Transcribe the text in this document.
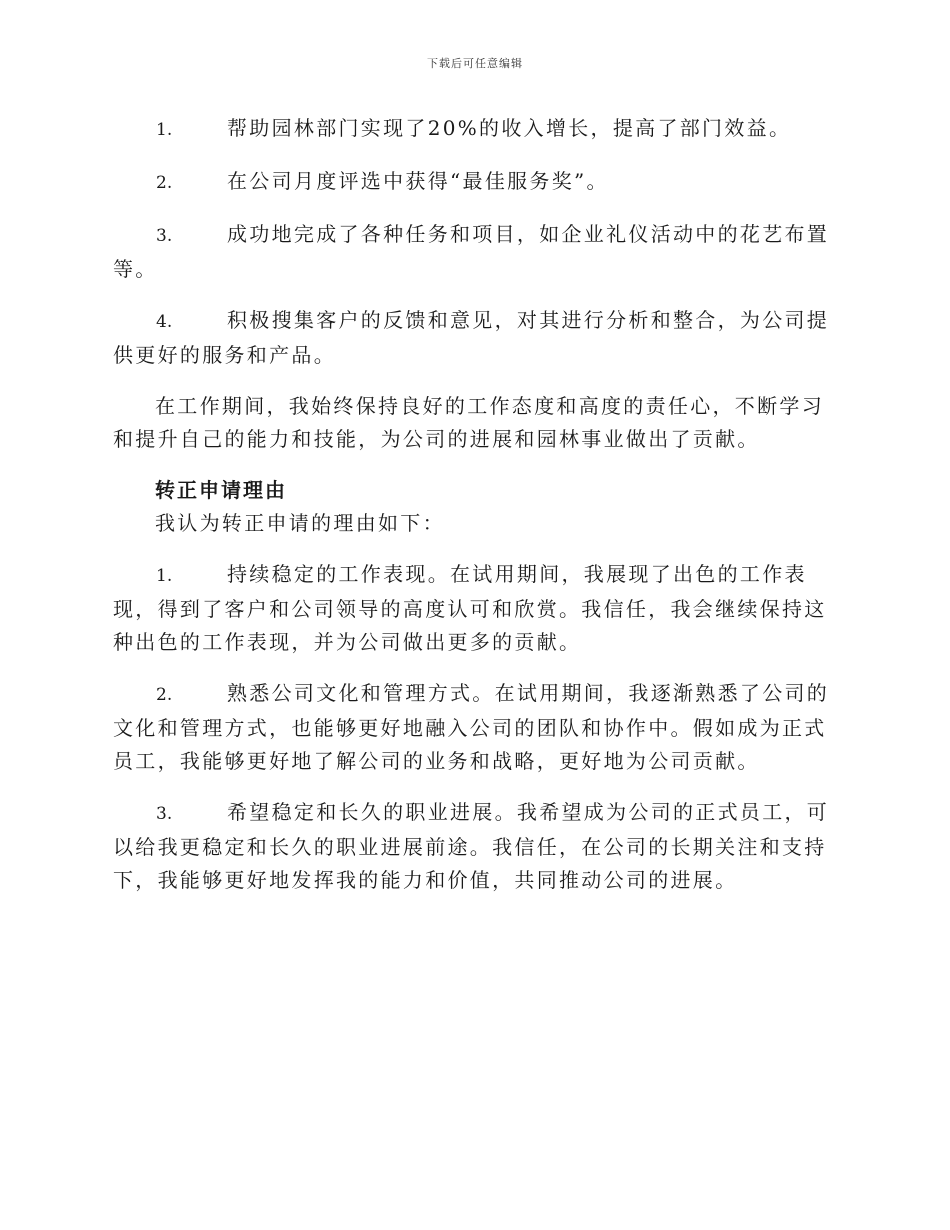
下载后可任意编辑

1.	帮助园林部门实现了20%的收入增长，提高了部门效益。

2.	在公司月度评选中获得“最佳服务奖”。

3.	成功地完成了各种任务和项目，如企业礼仪活动中的花艺布置等。

4.	积极搜集客户的反馈和意见，对其进行分析和整合，为公司提供更好的服务和产品。

在工作期间，我始终保持良好的工作态度和高度的责任心，不断学习和提升自己的能力和技能，为公司的进展和园林事业做出了贡献。

转正申请理由

我认为转正申请的理由如下：

1.	持续稳定的工作表现。在试用期间，我展现了出色的工作表现，得到了客户和公司领导的高度认可和欣赏。我信任，我会继续保持这种出色的工作表现，并为公司做出更多的贡献。

2.	熟悉公司文化和管理方式。在试用期间，我逐渐熟悉了公司的文化和管理方式，也能够更好地融入公司的团队和协作中。假如成为正式员工，我能够更好地了解公司的业务和战略，更好地为公司贡献。

3.	希望稳定和长久的职业进展。我希望成为公司的正式员工，可以给我更稳定和长久的职业进展前途。我信任，在公司的长期关注和支持下，我能够更好地发挥我的能力和价值，共同推动公司的进展。
